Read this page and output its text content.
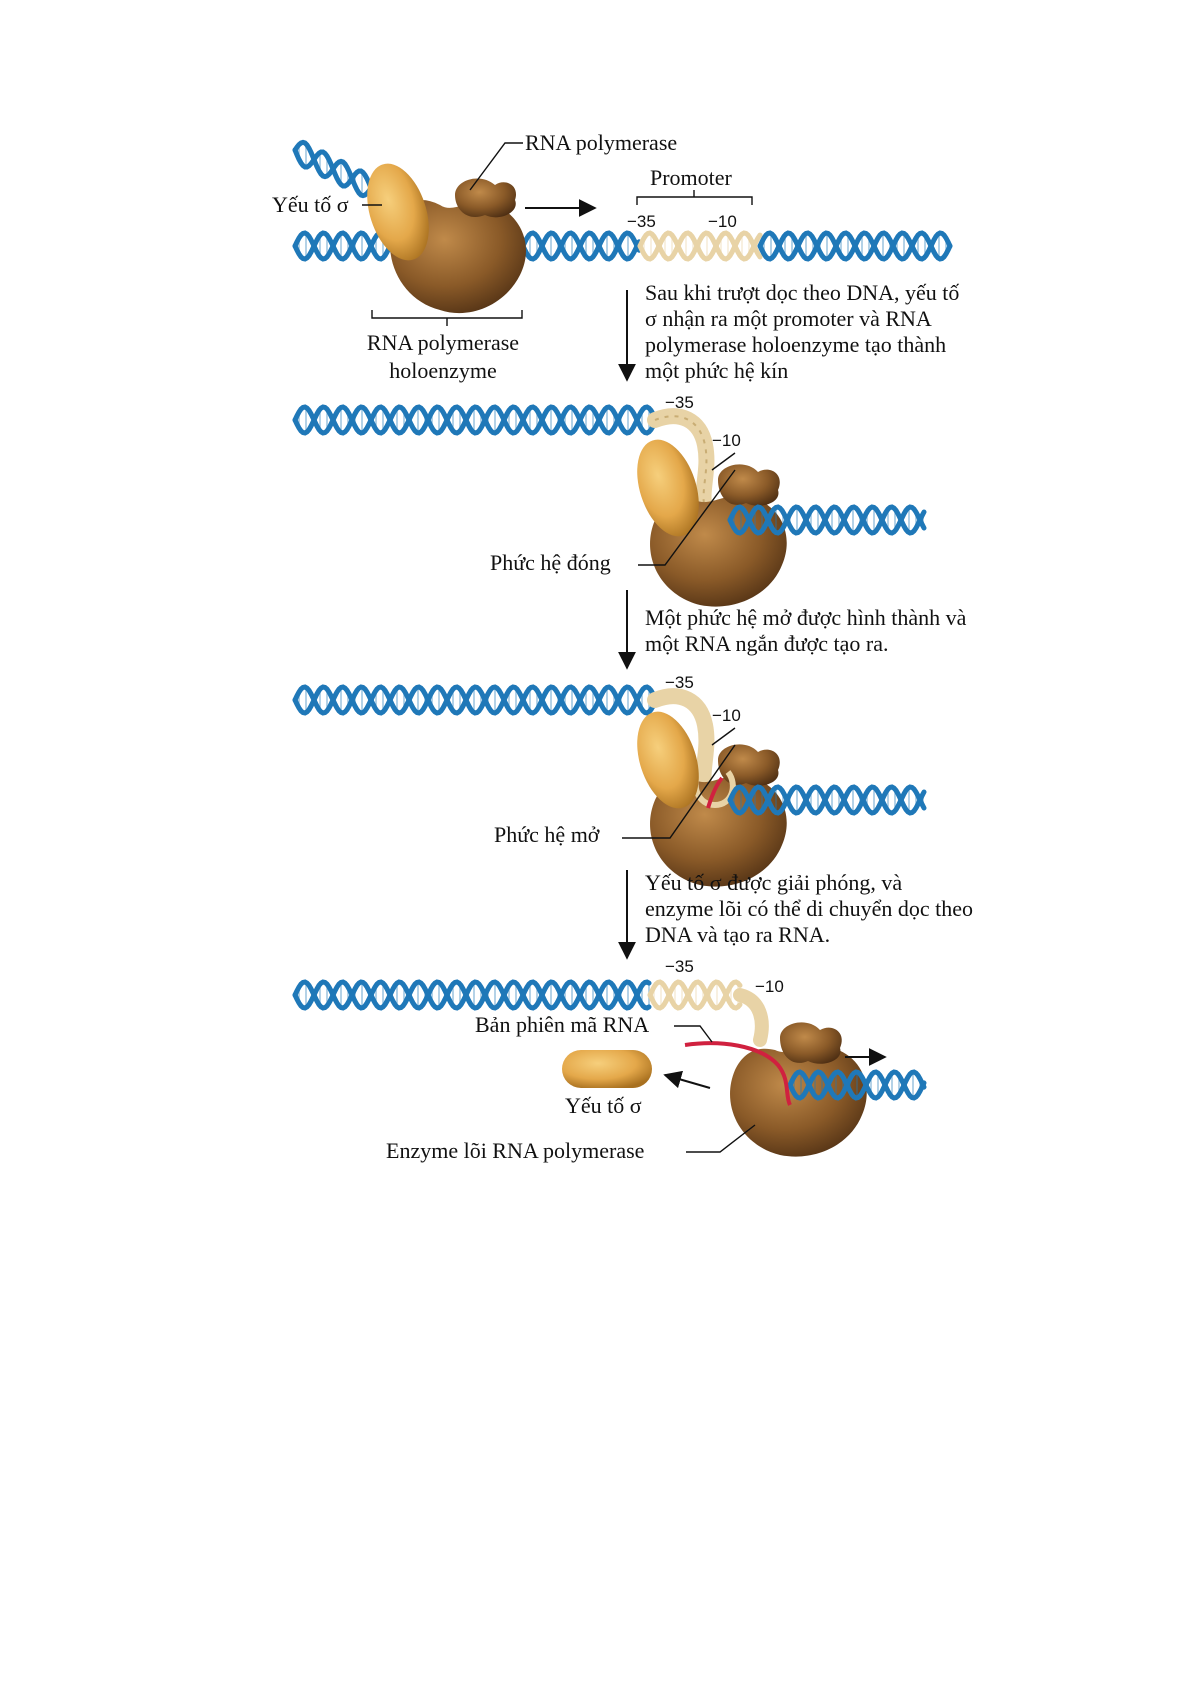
RNA polymerase
Yếu tố σ
Promoter
−35	−10
RNA polymerase
holoenzyme
Sau khi trượt dọc theo DNA, yếu tố
σ nhận ra một promoter và RNA
polymerase holoenzyme tạo thành
một phức hệ kín
−35
−10
Phức hệ đóng
Một phức hệ mở được hình thành và
một RNA ngắn được tạo ra.
−35
−10
Phức hệ mở
Yếu tố σ được giải phóng, và
enzyme lõi có thể di chuyển dọc theo
DNA và tạo ra RNA.
−35
−10
Bản phiên mã RNA
Yếu tố σ
Enzyme lõi RNA polymerase
